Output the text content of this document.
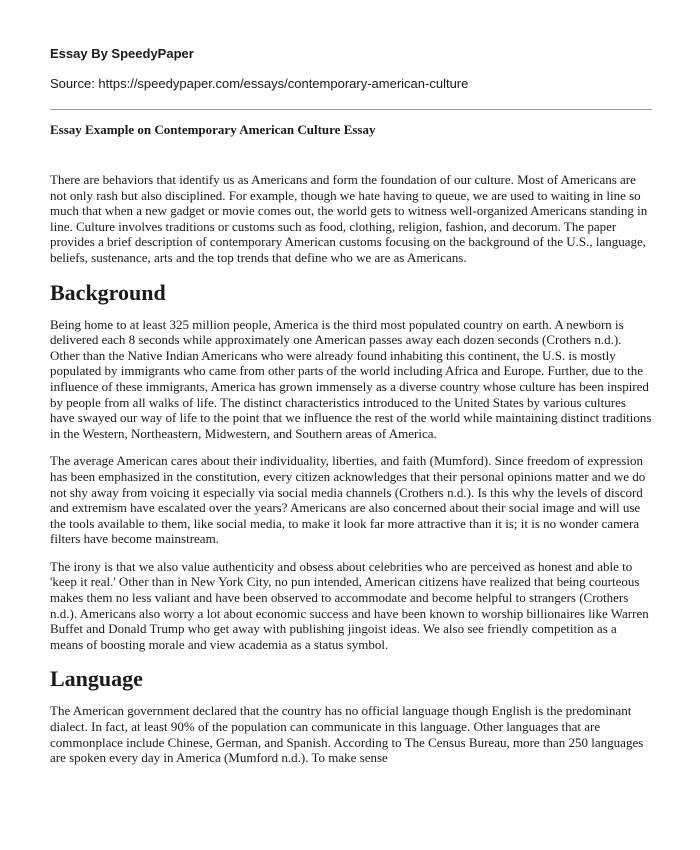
Essay By SpeedyPaper
Source: https://speedypaper.com/essays/contemporary-american-culture
Essay Example on Contemporary American Culture Essay

There are behaviors that identify us as Americans and form the foundation of our culture. Most of Americans are not only rash but also disciplined. For example, though we hate having to queue, we are used to waiting in line so much that when a new gadget or movie comes out, the world gets to witness well-organized Americans standing in line. Culture involves traditions or customs such as food, clothing, religion, fashion, and decorum. The paper provides a brief description of contemporary American customs focusing on the background of the U.S., language, beliefs, sustenance, arts and the top trends that define who we are as Americans.

Background

Being home to at least 325 million people, America is the third most populated country on earth. A newborn is delivered each 8 seconds while approximately one American passes away each dozen seconds (Crothers n.d.). Other than the Native Indian Americans who were already found inhabiting this continent, the U.S. is mostly populated by immigrants who came from other parts of the world including Africa and Europe. Further, due to the influence of these immigrants, America has grown immensely as a diverse country whose culture has been inspired by people from all walks of life. The distinct characteristics introduced to the United States by various cultures have swayed our way of life to the point that we influence the rest of the world while maintaining distinct traditions in the Western, Northeastern, Midwestern, and Southern areas of America.

The average American cares about their individuality, liberties, and faith (Mumford). Since freedom of expression has been emphasized in the constitution, every citizen acknowledges that their personal opinions matter and we do not shy away from voicing it especially via social media channels (Crothers n.d.). Is this why the levels of discord and extremism have escalated over the years? Americans are also concerned about their social image and will use the tools available to them, like social media, to make it look far more attractive than it is; it is no wonder camera filters have become mainstream.

The irony is that we also value authenticity and obsess about celebrities who are perceived as honest and able to 'keep it real.' Other than in New York City, no pun intended, American citizens have realized that being courteous makes them no less valiant and have been observed to accommodate and become helpful to strangers (Crothers n.d.). Americans also worry a lot about economic success and have been known to worship billionaires like Warren Buffet and Donald Trump who get away with publishing jingoist ideas. We also see friendly competition as a means of boosting morale and view academia as a status symbol.

Language

The American government declared that the country has no official language though English is the predominant dialect. In fact, at least 90% of the population can communicate in this language. Other languages that are commonplace include Chinese, German, and Spanish. According to The Census Bureau, more than 250 languages are spoken every day in America (Mumford n.d.). To make sense
